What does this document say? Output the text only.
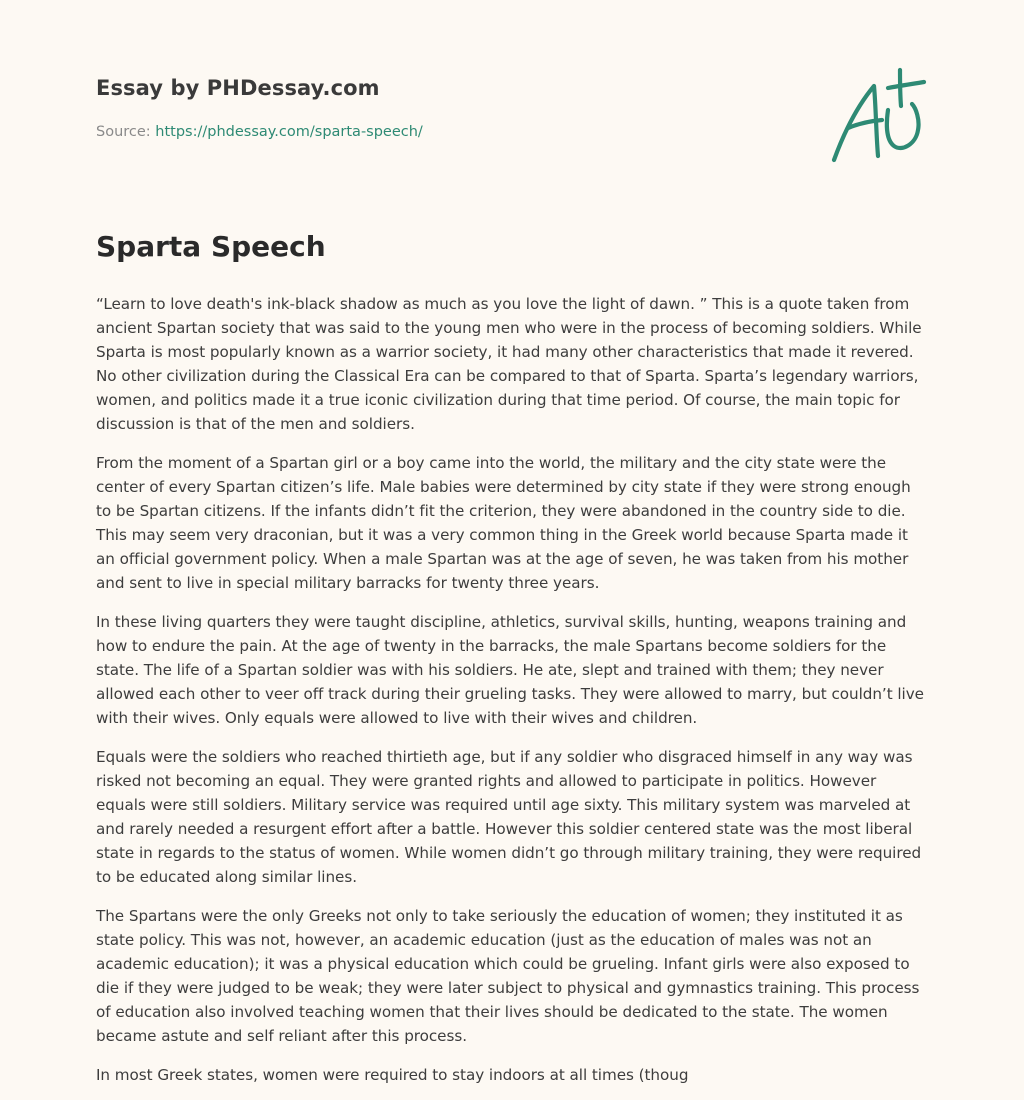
Essay by PHDessay.com
Source: https://phdessay.com/sparta-speech/
Sparta Speech

“Learn to love death's ink-black shadow as much as you love the light of dawn. ” This is a quote taken from ancient Spartan society that was said to the young men who were in the process of becoming soldiers. While Sparta is most popularly known as a warrior society, it had many other characteristics that made it revered. No other civilization during the Classical Era can be compared to that of Sparta. Sparta’s legendary warriors, women, and politics made it a true iconic civilization during that time period. Of course, the main topic for discussion is that of the men and soldiers.

From the moment of a Spartan girl or a boy came into the world, the military and the city state were the center of every Spartan citizen’s life. Male babies were determined by city state if they were strong enough to be Spartan citizens. If the infants didn’t fit the criterion, they were abandoned in the country side to die. This may seem very draconian, but it was a very common thing in the Greek world because Sparta made it an official government policy. When a male Spartan was at the age of seven, he was taken from his mother and sent to live in special military barracks for twenty three years.

In these living quarters they were taught discipline, athletics, survival skills, hunting, weapons training and how to endure the pain. At the age of twenty in the barracks, the male Spartans become soldiers for the state. The life of a Spartan soldier was with his soldiers. He ate, slept and trained with them; they never allowed each other to veer off track during their grueling tasks. They were allowed to marry, but couldn’t live with their wives. Only equals were allowed to live with their wives and children.

Equals were the soldiers who reached thirtieth age, but if any soldier who disgraced himself in any way was risked not becoming an equal. They were granted rights and allowed to participate in politics. However equals were still soldiers. Military service was required until age sixty. This military system was marveled at and rarely needed a resurgent effort after a battle. However this soldier centered state was the most liberal state in regards to the status of women. While women didn’t go through military training, they were required to be educated along similar lines.

The Spartans were the only Greeks not only to take seriously the education of women; they instituted it as state policy. This was not, however, an academic education (just as the education of males was not an academic education); it was a physical education which could be grueling. Infant girls were also exposed to die if they were judged to be weak; they were later subject to physical and gymnastics training. This process of education also involved teaching women that their lives should be dedicated to the state. The women became astute and self reliant after this process.

In most Greek states, women were required to stay indoors at all times (thoug
